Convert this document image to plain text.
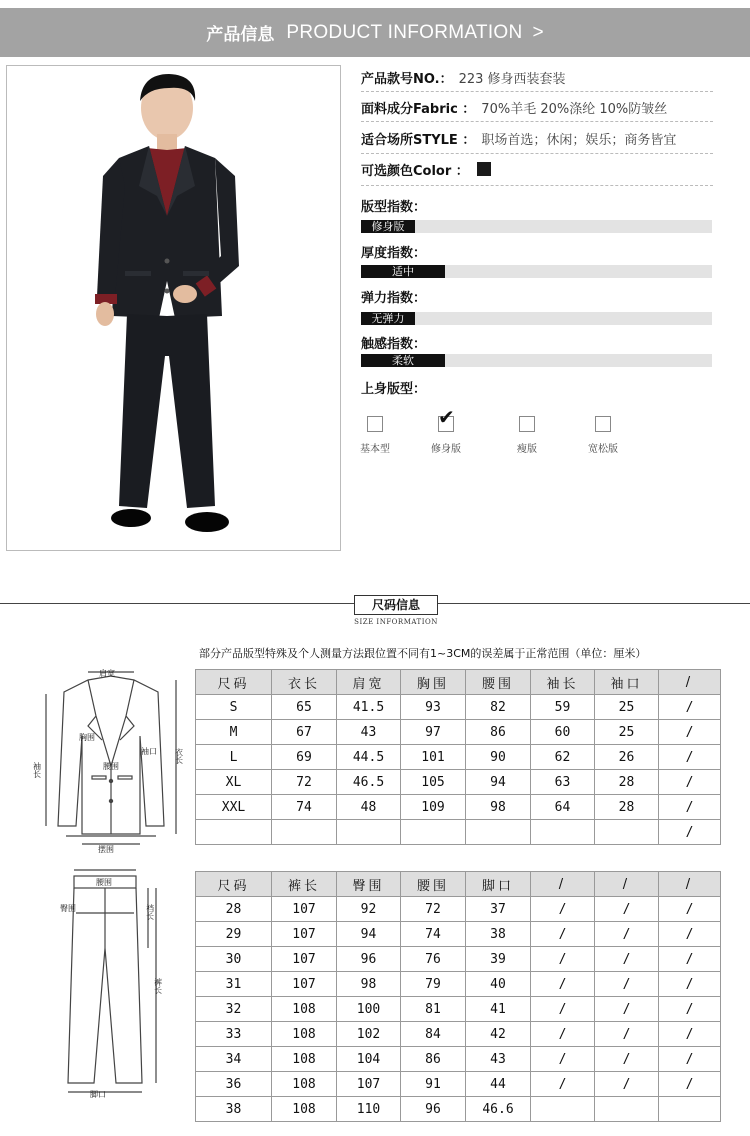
产品信息 PRODUCT INFORMATION >
产品款号NO.： 223 修身西装套装
面料成分Fabric ： 70%羊毛 20%涤纶 10%防皱丝
适合场所STYLE ： 职场首选；休闲；娱乐；商务皆宜
可选颜色Color ：
版型指数：
修身版
厚度指数：
适中
弹力指数：
无弹力
触感指数：
柔软
上身版型：
基本型
✔
修身版	瘦版	宽松版
尺码信息
SIZE INFORMATION
部分产品版型特殊及个人测量方法跟位置不同有1~3CM的误差属于正常范围（单位：厘米）
肩宽
胸围
腰围
摆围
袖长
袖口 衣长
腰围
臀围	裆长
裤长
脚口
尺码	衣长	肩宽	胸围	腰围	袖长	袖口	/
S	65	41.5	93	82	59	25	/
M	67	43	97	86	60	25	/
L	69	44.5	101	90	62	26	/
XL	72	46.5	105	94	63	28	/
XXL	74	48	109	98	64	28	/
							/
尺码	裤长	臀围	腰围	脚口	/	/	/
28	107	92	72	37	/	/	/
29	107	94	74	38	/	/	/
30	107	96	76	39	/	/	/
31	107	98	79	40	/	/	/
32	108	100	81	41	/	/	/
33	108	102	84	42	/	/	/
34	108	104	86	43	/	/	/
36	108	107	91	44	/	/	/
38	108	110	96	46.6			
